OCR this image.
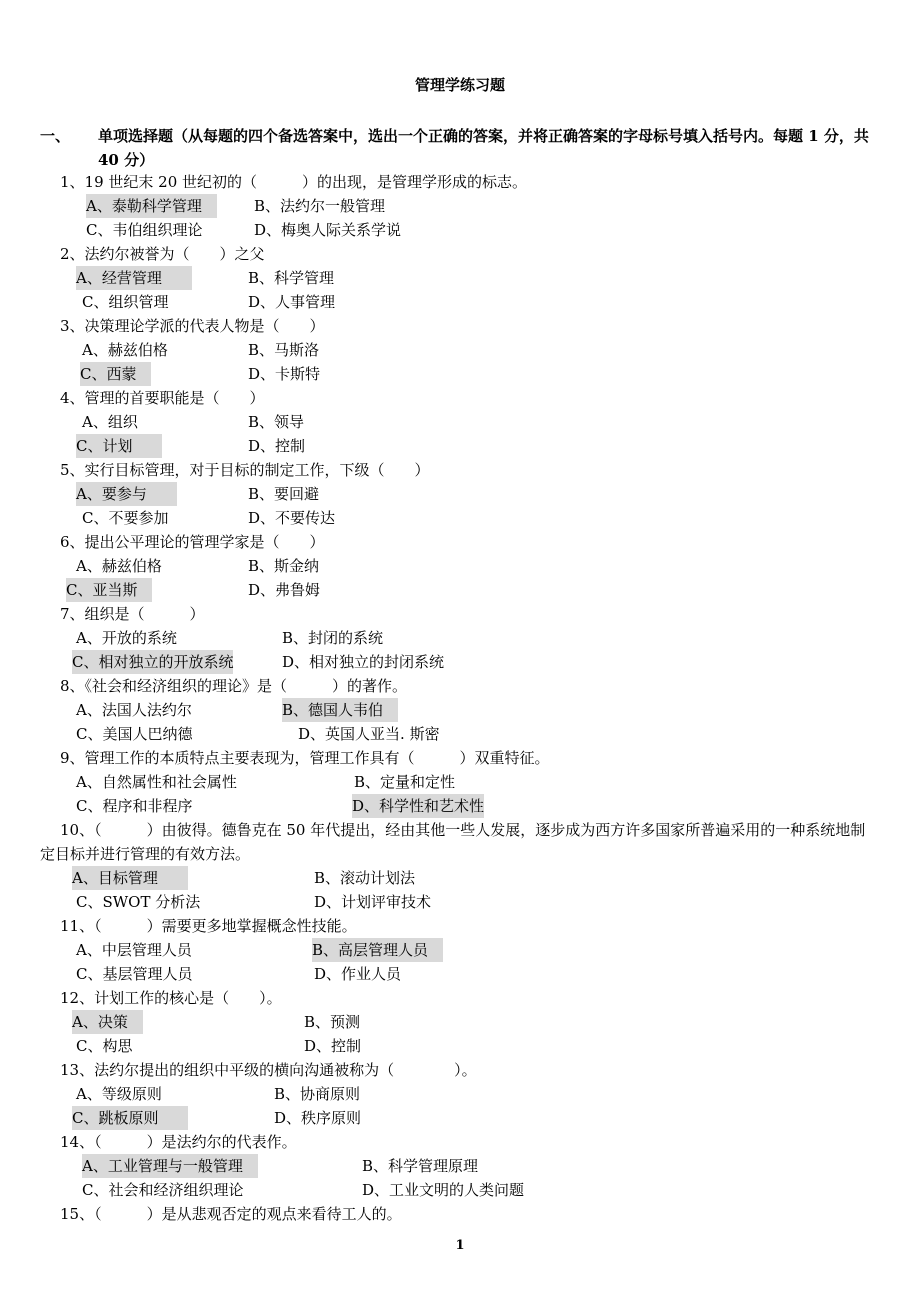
管理学练习题
一、 单项选择题（从每题的四个备选答案中，选出一个正确的答案，并将正确答案的字母标号填入括号内。每题 1 分，共 40 分）
1、19 世纪末 20 世纪初的（　　　）的出现，是管理学形成的标志。
A、泰勒科学管理　 B、法约尔一般管理
C、韦伯组织理论	D、梅奥人际关系学说
2、法约尔被誉为（　　）之父
A、经营管理　　	B、科学管理
C、组织管理	D、人事管理
3、决策理论学派的代表人物是（　　）
A、赫兹伯格	B、马斯洛
C、西蒙　	D、卡斯特
4、管理的首要职能是（　　）
A、组织	B、领导
C、计划　　	D、控制
5、实行目标管理，对于目标的制定工作，下级（　　）
A、要参与　　	B、要回避
C、不要参加	D、不要传达
6、提出公平理论的管理学家是（　　）
A、赫兹伯格	B、斯金纳
C、亚当斯　	D、弗鲁姆
7、组织是（　　　）
A、开放的系统	B、封闭的系统
C、相对独立的开放系统	D、相对独立的封闭系统
8、《社会和经济组织的理论》是（　　　）的著作。
A、法国人法约尔	B、德国人韦伯　
C、美国人巴纳德	D、英国人亚当. 斯密
9、管理工作的本质特点主要表现为，管理工作具有（　　　）双重特征。
A、自然属性和社会属性	B、定量和定性
C、程序和非程序	D、科学性和艺术性
10、（　　　）由彼得。德鲁克在 50 年代提出，经由其他一些人发展，逐步成为西方许多国家所普遍采用的一种系统地制定目标并进行管理的有效方法。
A、目标管理　　	B、滚动计划法
C、SWOT 分析法	D、计划评审技术
11、（　　　）需要更多地掌握概念性技能。
A、中层管理人员	B、高层管理人员　
C、基层管理人员	D、作业人员
12、计划工作的核心是（　　）。
A、决策　	B、预测
C、构思	D、控制
13、法约尔提出的组织中平级的横向沟通被称为（　　　　）。
A、等级原则	B、协商原则
C、跳板原则　　	D、秩序原则
14、（　　　）是法约尔的代表作。
A、工业管理与一般管理　	B、科学管理原理
C、社会和经济组织理论	D、工业文明的人类问题
15、（　　　）是从悲观否定的观点来看待工人的。
1
